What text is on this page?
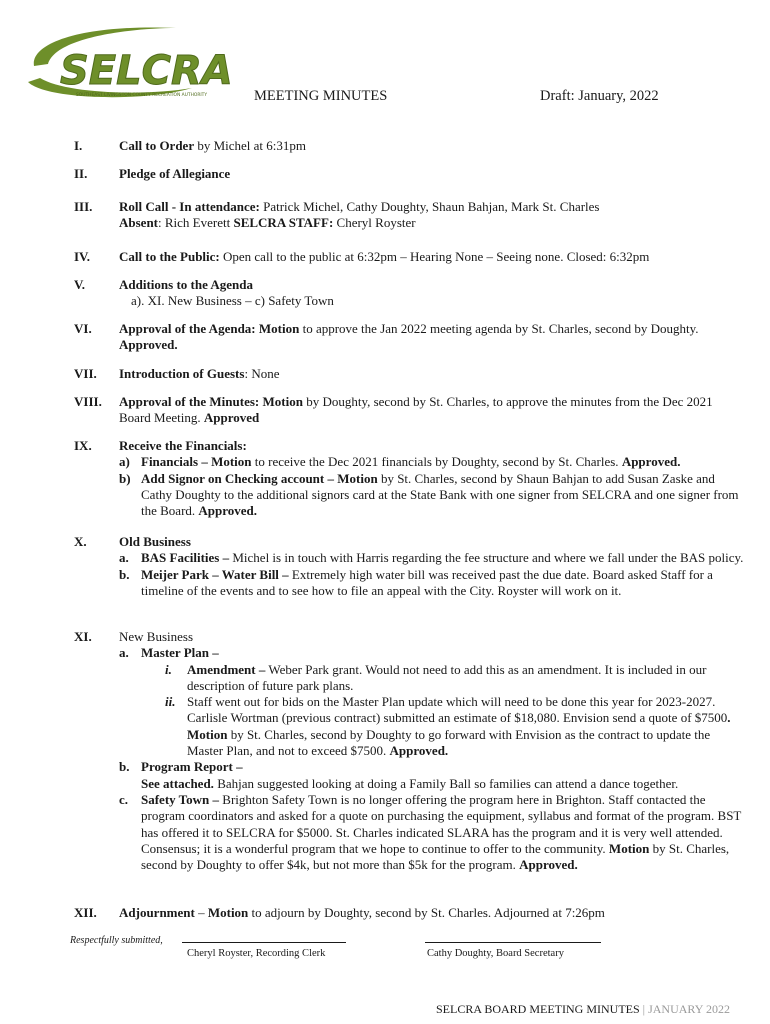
SELCRA
SOUTHEAST LIVINGSTON COUNTY RECREATION AUTHORITY	MEETING MINUTES	Draft: January, 2022
I.	Call to Order by Michel at 6:31pm
II.	Pledge of Allegiance
III.	Roll Call - In attendance: Patrick Michel, Cathy Doughty, Shaun Bahjan, Mark St. Charles
Absent: Rich Everett SELCRA STAFF: Cheryl Royster
IV.	Call to the Public: Open call to the public at 6:32pm – Hearing None – Seeing none. Closed: 6:32pm
V.	Additions to the Agenda
a). XI. New Business – c) Safety Town
VI.	Approval of the Agenda: Motion to approve the Jan 2022 meeting agenda by St. Charles, second by Doughty.
Approved.
VII.	Introduction of Guests: None
VIII.	Approval of the Minutes: Motion by Doughty, second by St. Charles, to approve the minutes from the Dec 2021 Board Meeting. Approved
IX.	Receive the Financials:
a) Financials – Motion to receive the Dec 2021 financials by Doughty, second by St. Charles. Approved.
b) Add Signor on Checking account – Motion by St. Charles, second by Shaun Bahjan to add Susan Zaske and Cathy Doughty to the additional signors card at the State Bank with one signer from SELCRA and one signer from the Board. Approved.
X.	Old Business
a. BAS Facilities – Michel is in touch with Harris regarding the fee structure and where we fall under the BAS policy.
b. Meijer Park – Water Bill – Extremely high water bill was received past the due date. Board asked Staff for a timeline of the events and to see how to file an appeal with the City. Royster will work on it.
XI.	New Business
a. Master Plan –
i. Amendment – Weber Park grant. Would not need to add this as an amendment. It is included in our description of future park plans.
ii. Staff went out for bids on the Master Plan update which will need to be done this year for 2023-2027. Carlisle Wortman (previous contract) submitted an estimate of $18,080. Envision send a quote of $7500. Motion by St. Charles, second by Doughty to go forward with Envision as the contract to update the Master Plan, and not to exceed $7500. Approved.
b. Program Report –
See attached. Bahjan suggested looking at doing a Family Ball so families can attend a dance together.
c. Safety Town – Brighton Safety Town is no longer offering the program here in Brighton. Staff contacted the program coordinators and asked for a quote on purchasing the equipment, syllabus and format of the program. BST has offered it to SELCRA for $5000. St. Charles indicated SLARA has the program and it is very well attended. Consensus; it is a wonderful program that we hope to continue to offer to the community. Motion by St. Charles, second by Doughty to offer $4k, but not more than $5k for the program. Approved.
XII.	Adjournment – Motion to adjourn by Doughty, second by St. Charles. Adjourned at 7:26pm
Respectfully submitted,
Cheryl Royster, Recording Clerk	Cathy Doughty, Board Secretary
SELCRA BOARD MEETING MINUTES | JANUARY 2022
